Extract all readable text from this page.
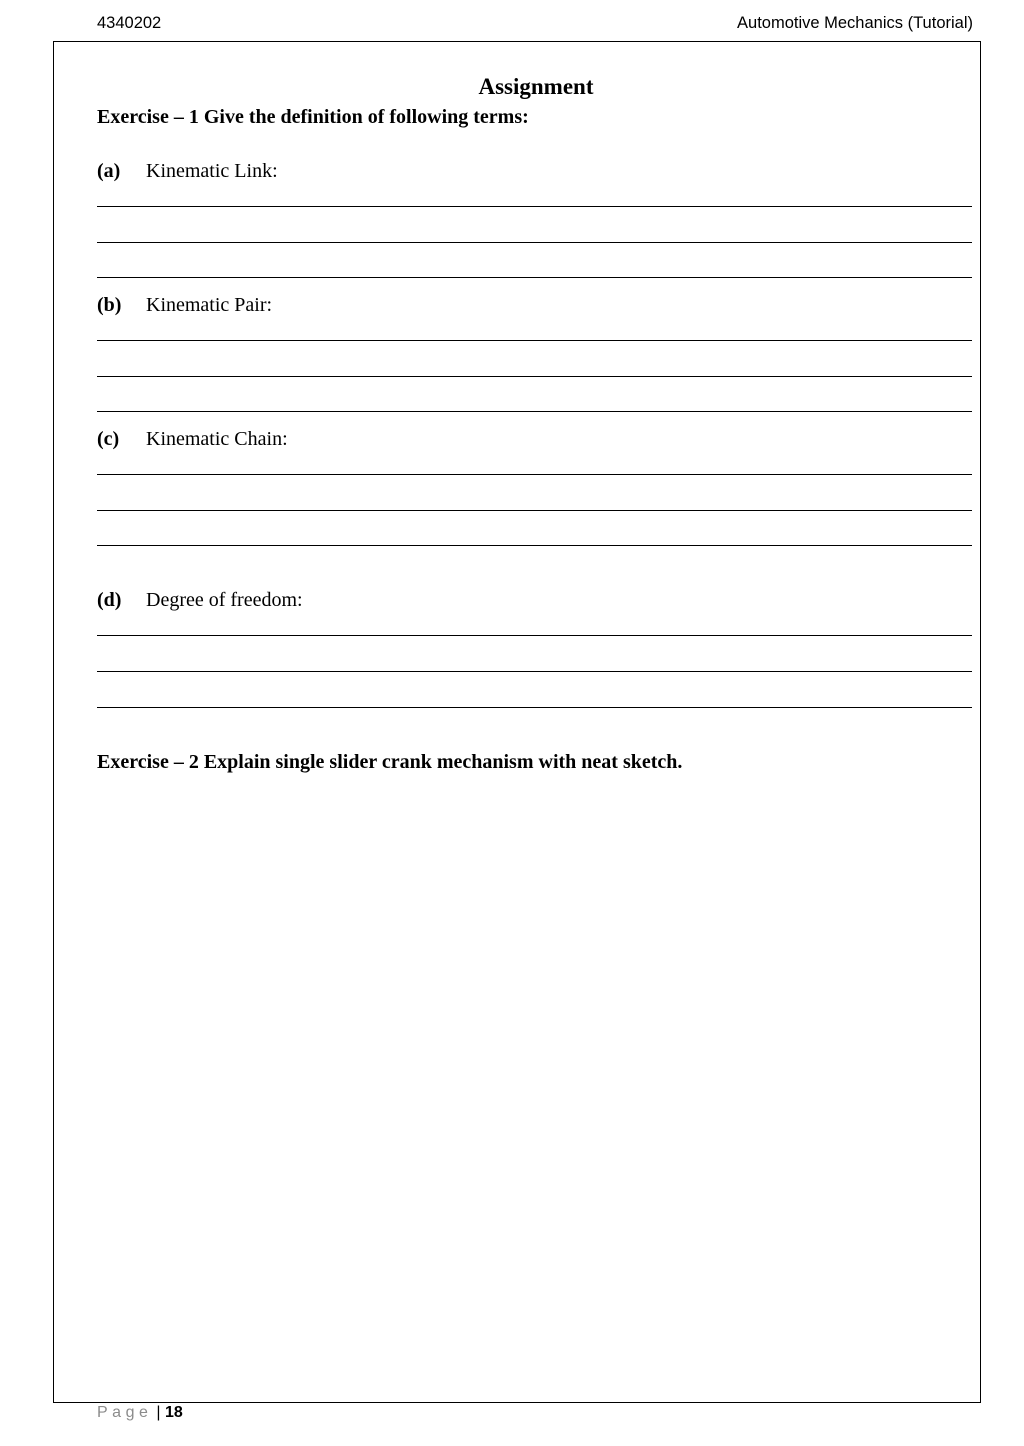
4340202	Automotive Mechanics (Tutorial)
Assignment
Exercise – 1 Give the definition of following terms:
(a) Kinematic Link:
(b) Kinematic Pair:
(c) Kinematic Chain:
(d) Degree of freedom:
Exercise – 2 Explain single slider crank mechanism with neat sketch.
Page | 18
